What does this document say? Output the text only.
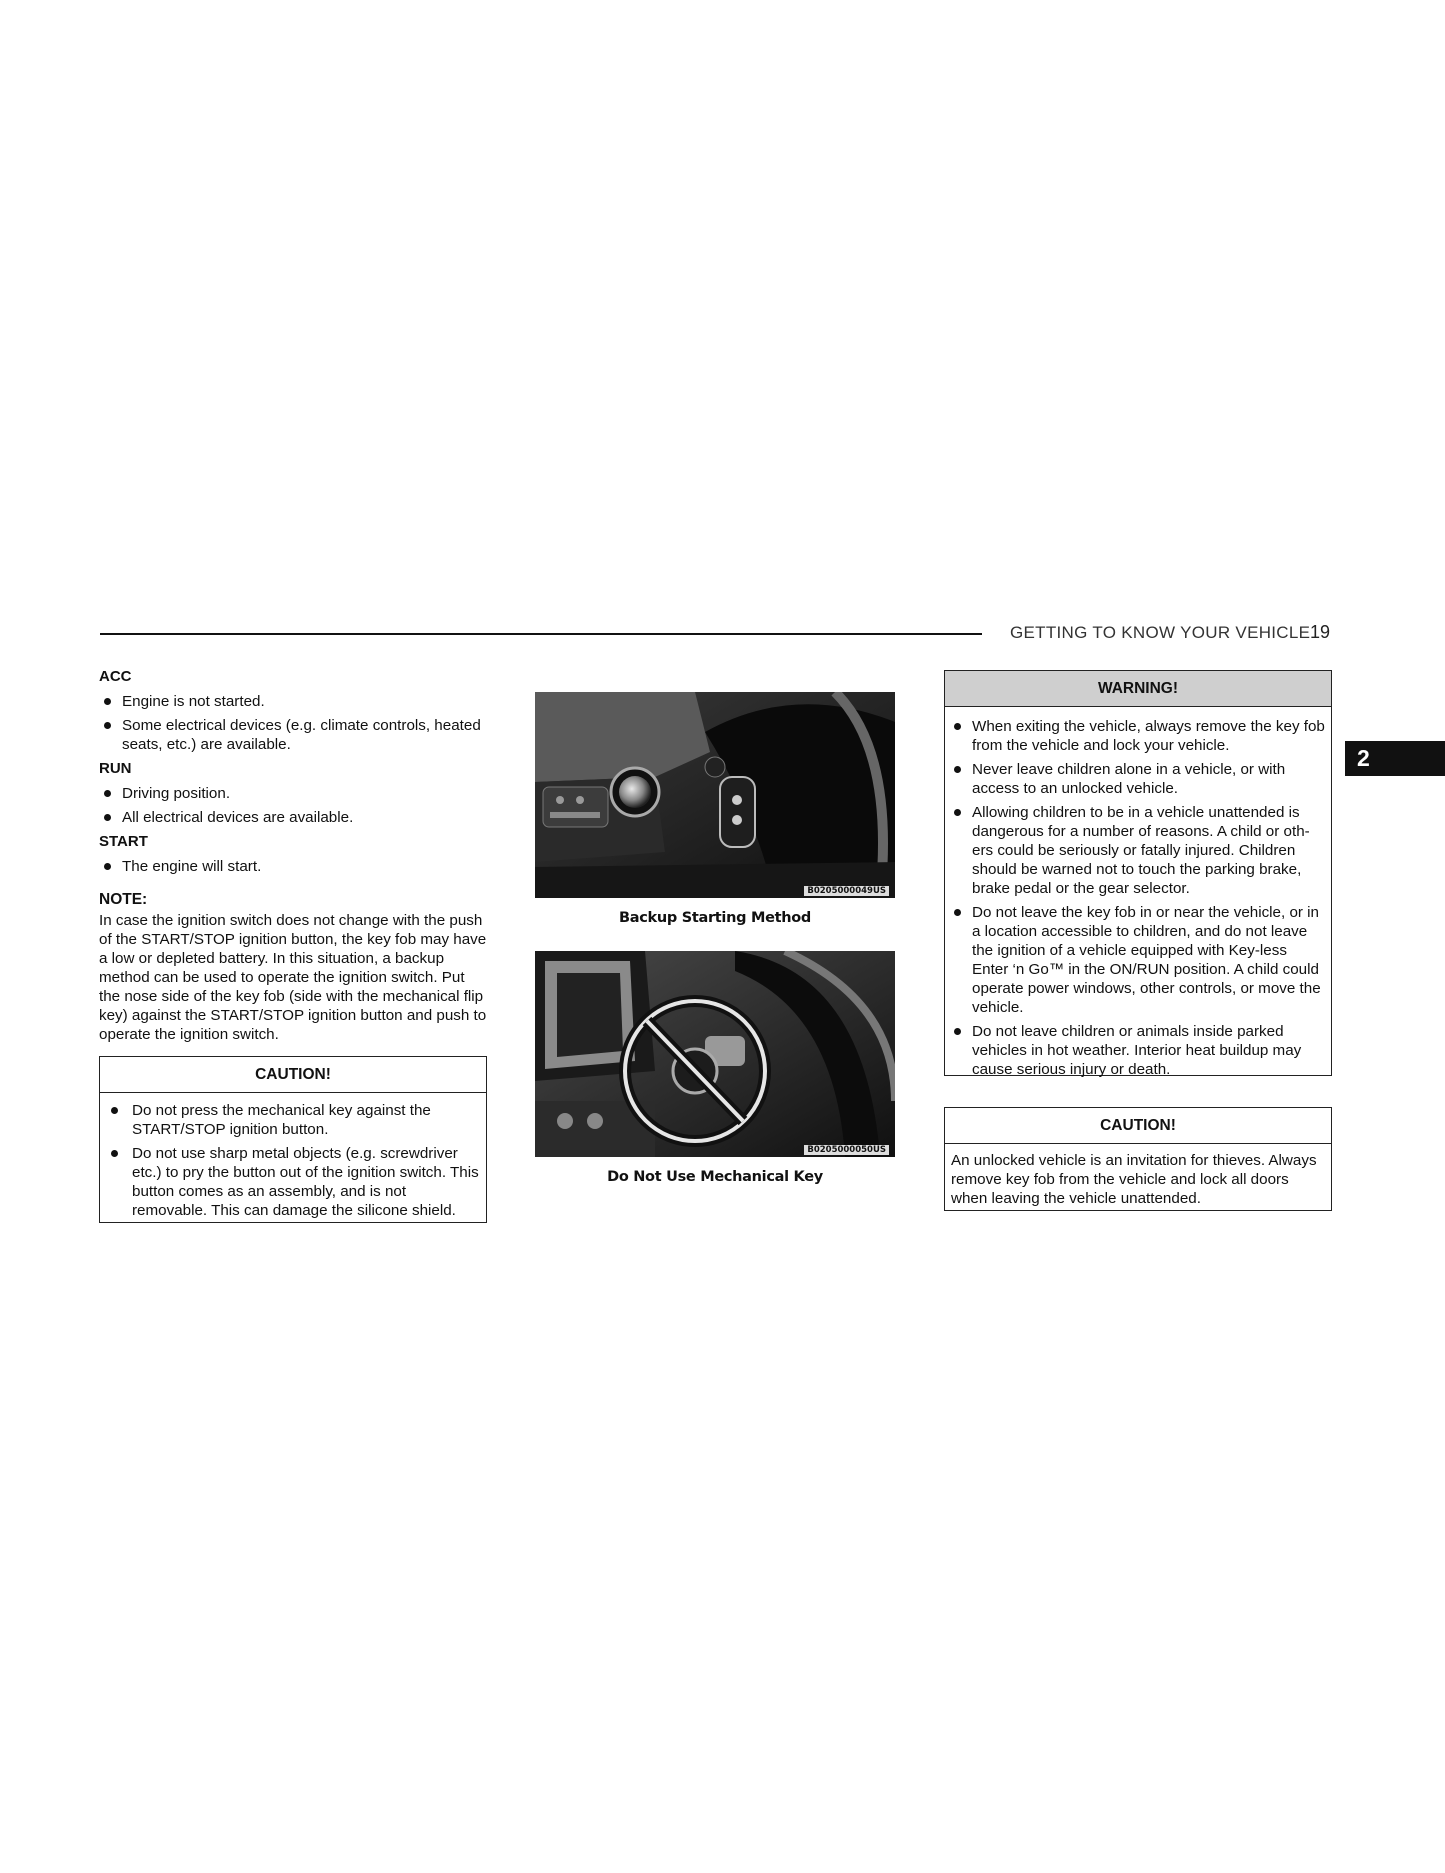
GETTING TO KNOW YOUR VEHICLE 19
2
ACC
Engine is not started.
Some electrical devices (e.g. climate controls, heated seats, etc.) are available.
RUN
Driving position.
All electrical devices are available.
START
The engine will start.
NOTE:
In case the ignition switch does not change with the push of the START/STOP ignition button, the key fob may have a low or depleted battery. In this situation, a backup method can be used to operate the ignition switch. Put the nose side of the key fob (side with the mechanical flip key) against the START/STOP ignition button and push to operate the ignition switch.
CAUTION!
Do not press the mechanical key against the START/STOP ignition button.
Do not use sharp metal objects (e.g. screwdriver etc.) to pry the button out of the ignition switch. This button comes as an assembly, and is not removable. This can damage the silicone shield.
B0205000049US
Backup Starting Method
B0205000050US
Do Not Use Mechanical Key
WARNING!
When exiting the vehicle, always remove the key fob from the vehicle and lock your vehicle.
Never leave children alone in a vehicle, or with access to an unlocked vehicle.
Allowing children to be in a vehicle unattended is dangerous for a number of reasons. A child or oth-ers could be seriously or fatally injured. Children should be warned not to touch the parking brake, brake pedal or the gear selector.
Do not leave the key fob in or near the vehicle, or in a location accessible to children, and do not leave the ignition of a vehicle equipped with Key-less Enter ‘n Go™ in the ON/RUN position. A child could operate power windows, other controls, or move the vehicle.
Do not leave children or animals inside parked vehicles in hot weather. Interior heat buildup may cause serious injury or death.
CAUTION!
An unlocked vehicle is an invitation for thieves. Always remove key fob from the vehicle and lock all doors when leaving the vehicle unattended.
